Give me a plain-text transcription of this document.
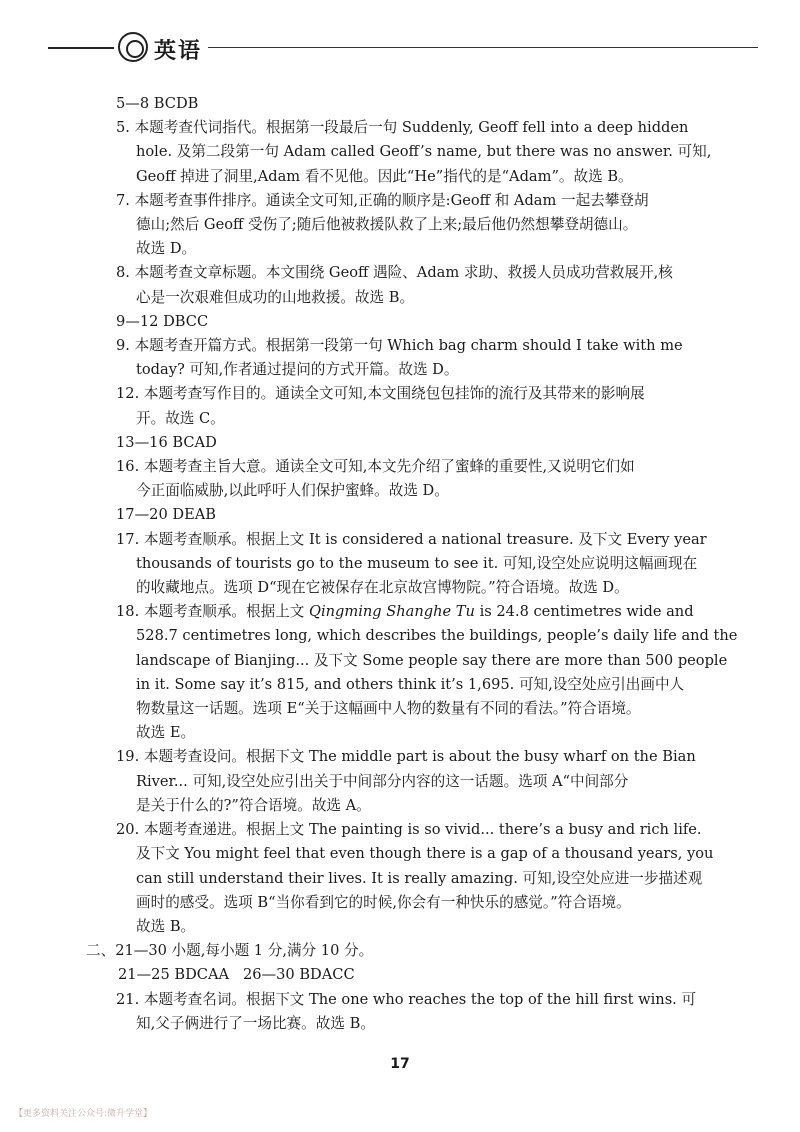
英语
5—8 BCDB
5. 本题考查代词指代。根据第一段最后一句 Suddenly, Geoff fell into a deep hidden
hole. 及第二段第一句 Adam called Geoff’s name, but there was no answer. 可知,
Geoff 掉进了洞里,Adam 看不见他。因此“He”指代的是“Adam”。故选 B。
7. 本题考查事件排序。通读全文可知,正确的顺序是:Geoff 和 Adam 一起去攀登胡
德山;然后 Geoff 受伤了;随后他被救援队救了上来;最后他仍然想攀登胡德山。
故选 D。
8. 本题考查文章标题。本文围绕 Geoff 遇险、Adam 求助、救援人员成功营救展开,核
心是一次艰难但成功的山地救援。故选 B。
9—12 DBCC
9. 本题考查开篇方式。根据第一段第一句 Which bag charm should I take with me
today? 可知,作者通过提问的方式开篇。故选 D。
12. 本题考查写作目的。通读全文可知,本文围绕包包挂饰的流行及其带来的影响展
开。故选 C。
13—16 BCAD
16. 本题考查主旨大意。通读全文可知,本文先介绍了蜜蜂的重要性,又说明它们如
今正面临威胁,以此呼吁人们保护蜜蜂。故选 D。
17—20 DEAB
17. 本题考查顺承。根据上文 It is considered a national treasure. 及下文 Every year
thousands of tourists go to the museum to see it. 可知,设空处应说明这幅画现在
的收藏地点。选项 D“现在它被保存在北京故宫博物院。”符合语境。故选 D。
18. 本题考查顺承。根据上文 Qingming Shanghe Tu is 24.8 centimetres wide and
528.7 centimetres long, which describes the buildings, people’s daily life and the
landscape of Bianjing... 及下文 Some people say there are more than 500 people
in it. Some say it’s 815, and others think it’s 1,695. 可知,设空处应引出画中人
物数量这一话题。选项 E“关于这幅画中人物的数量有不同的看法。”符合语境。
故选 E。
19. 本题考查设问。根据下文 The middle part is about the busy wharf on the Bian
River... 可知,设空处应引出关于中间部分内容的这一话题。选项 A“中间部分
是关于什么的?”符合语境。故选 A。
20. 本题考查递进。根据上文 The painting is so vivid... there’s a busy and rich life.
及下文 You might feel that even though there is a gap of a thousand years, you
can still understand their lives. It is really amazing. 可知,设空处应进一步描述观
画时的感受。选项 B“当你看到它的时候,你会有一种快乐的感觉。”符合语境。
故选 B。
二、21—30 小题,每小题 1 分,满分 10 分。
21—25 BDCAA   26—30 BDACC
21. 本题考查名词。根据下文 The one who reaches the top of the hill first wins. 可
知,父子俩进行了一场比赛。故选 B。
17
【更多资料关注公众号:微升学堂】
